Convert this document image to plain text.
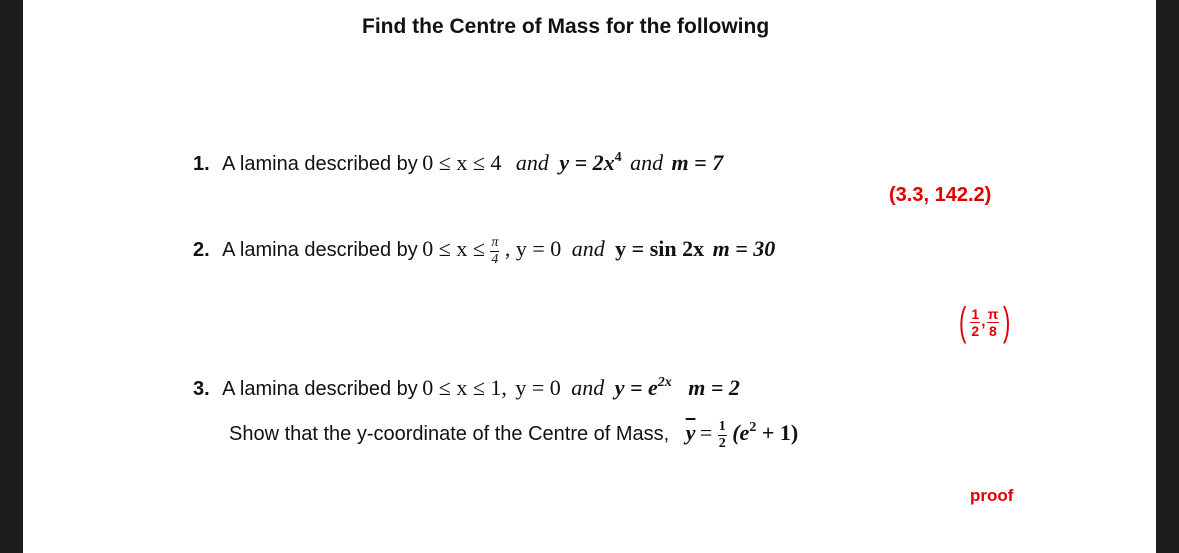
Find the Centre of Mass for the following
1. A lamina described by 0 ≤ x ≤ 4 and $y = 2x^4$ and m = 7
(3.3, 142.2)
2. A lamina described by $0 \le x \le \frac{\pi}{4}$ , y = 0 and y = sin 2x m = 30
( $\frac{1}{2}$ , $\frac{\pi}{8}$ )
3. A lamina described by 0 ≤ x ≤ 1, y = 0 and $y = e^{2x}$ m = 2
Show that the y-coordinate of the Centre of Mass, $\overline{y} = \frac{1}{2} (e^2 + 1)$
proof
